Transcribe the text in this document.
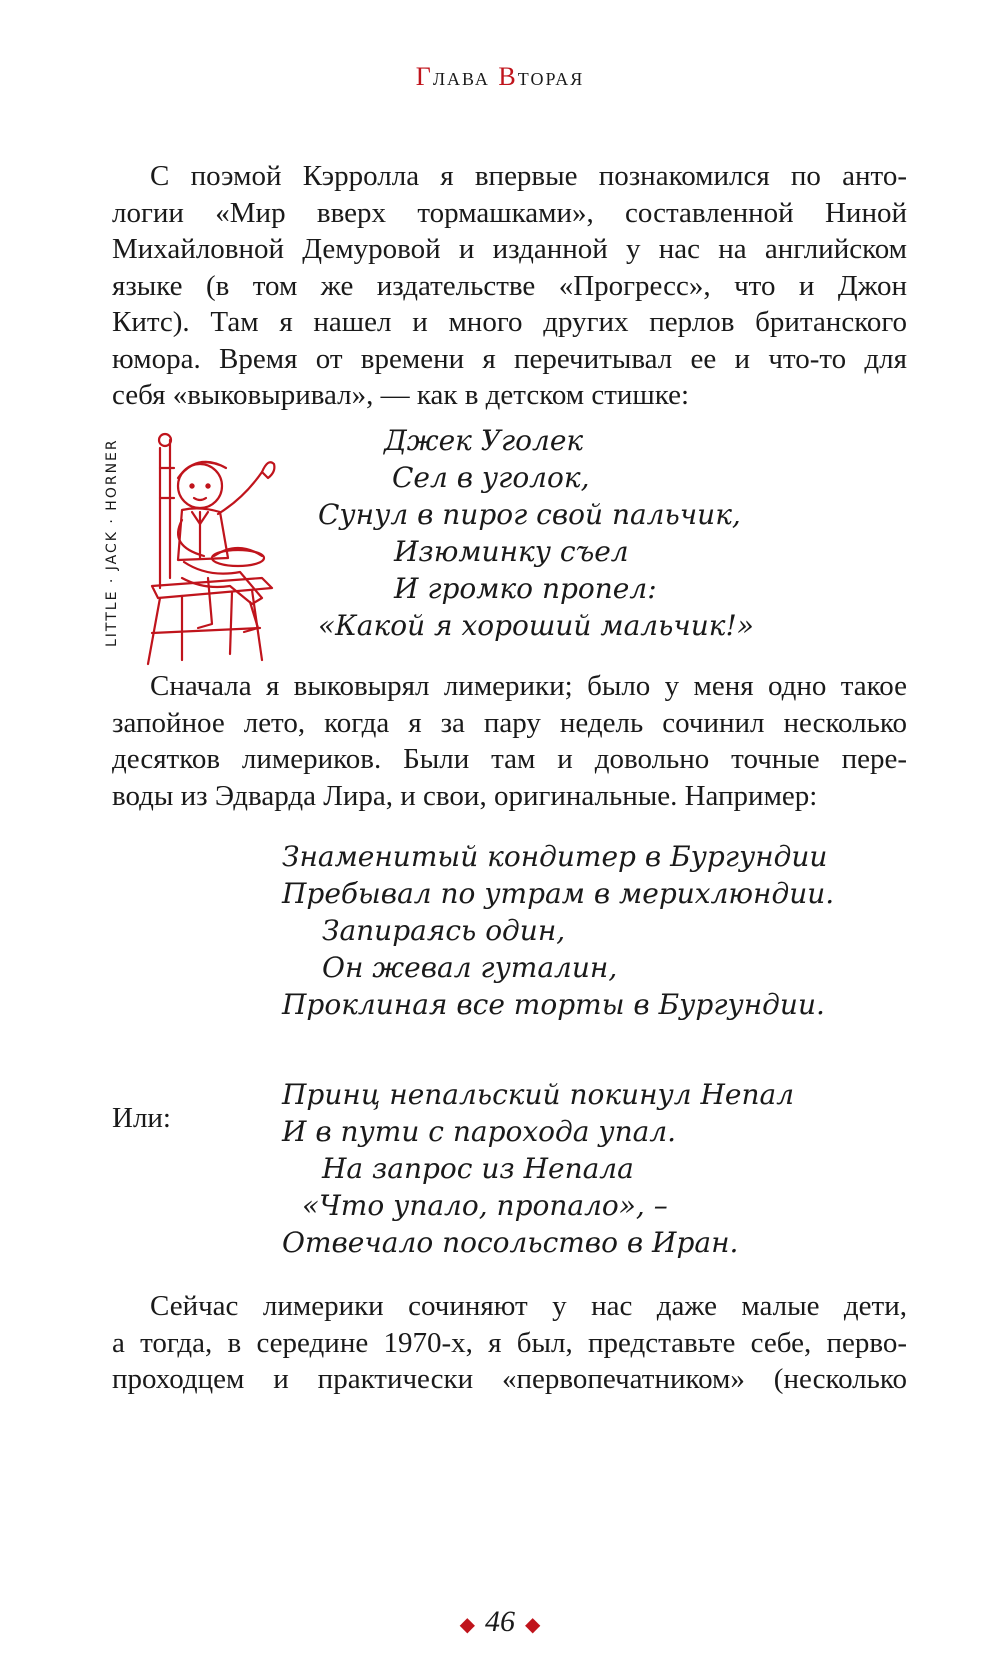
Глава Вторая
С поэмой Кэрролла я впервые познакомился по анто-
логии «Мир вверх тормашками», составленной Ниной
Михайловной Демуровой и изданной у нас на английском
языке (в том же издательстве «Прогресс», что и Джон
Китс). Там я нашел и много других перлов британского
юмора. Время от времени я перечитывал ее и что-то для
себя «выковыривал», — как в детском стишке:
LITTLE · JACK · HORNER	Джек Уголек
Сел в уголок,
Сунул в пирог свой пальчик,
Изюминку съел
И громко пропел:
«Какой я хороший мальчик!»
Сначала я выковырял лимерики; было у меня одно такое
запойное лето, когда я за пару недель сочинил несколько
десятков лимериков. Были там и довольно точные пере-
воды из Эдварда Лира, и свои, оригинальные. Например:
Знаменитый кондитер в Бургундии
Пребывал по утрам в мерихлюндии.
Запираясь один,
Он жевал гуталин,
Проклиная все торты в Бургундии.
Или:
Принц непальский покинул Непал
И в пути с парохода упал.
На запрос из Непала
«Что упало, пропало», –
Отвечало посольство в Иран.
Сейчас лимерики сочиняют у нас даже малые дети,
а тогда, в середине 1970-х, я был, представьте себе, перво-
проходцем и практически «первопечатником» (несколько
◆ 46 ◆
